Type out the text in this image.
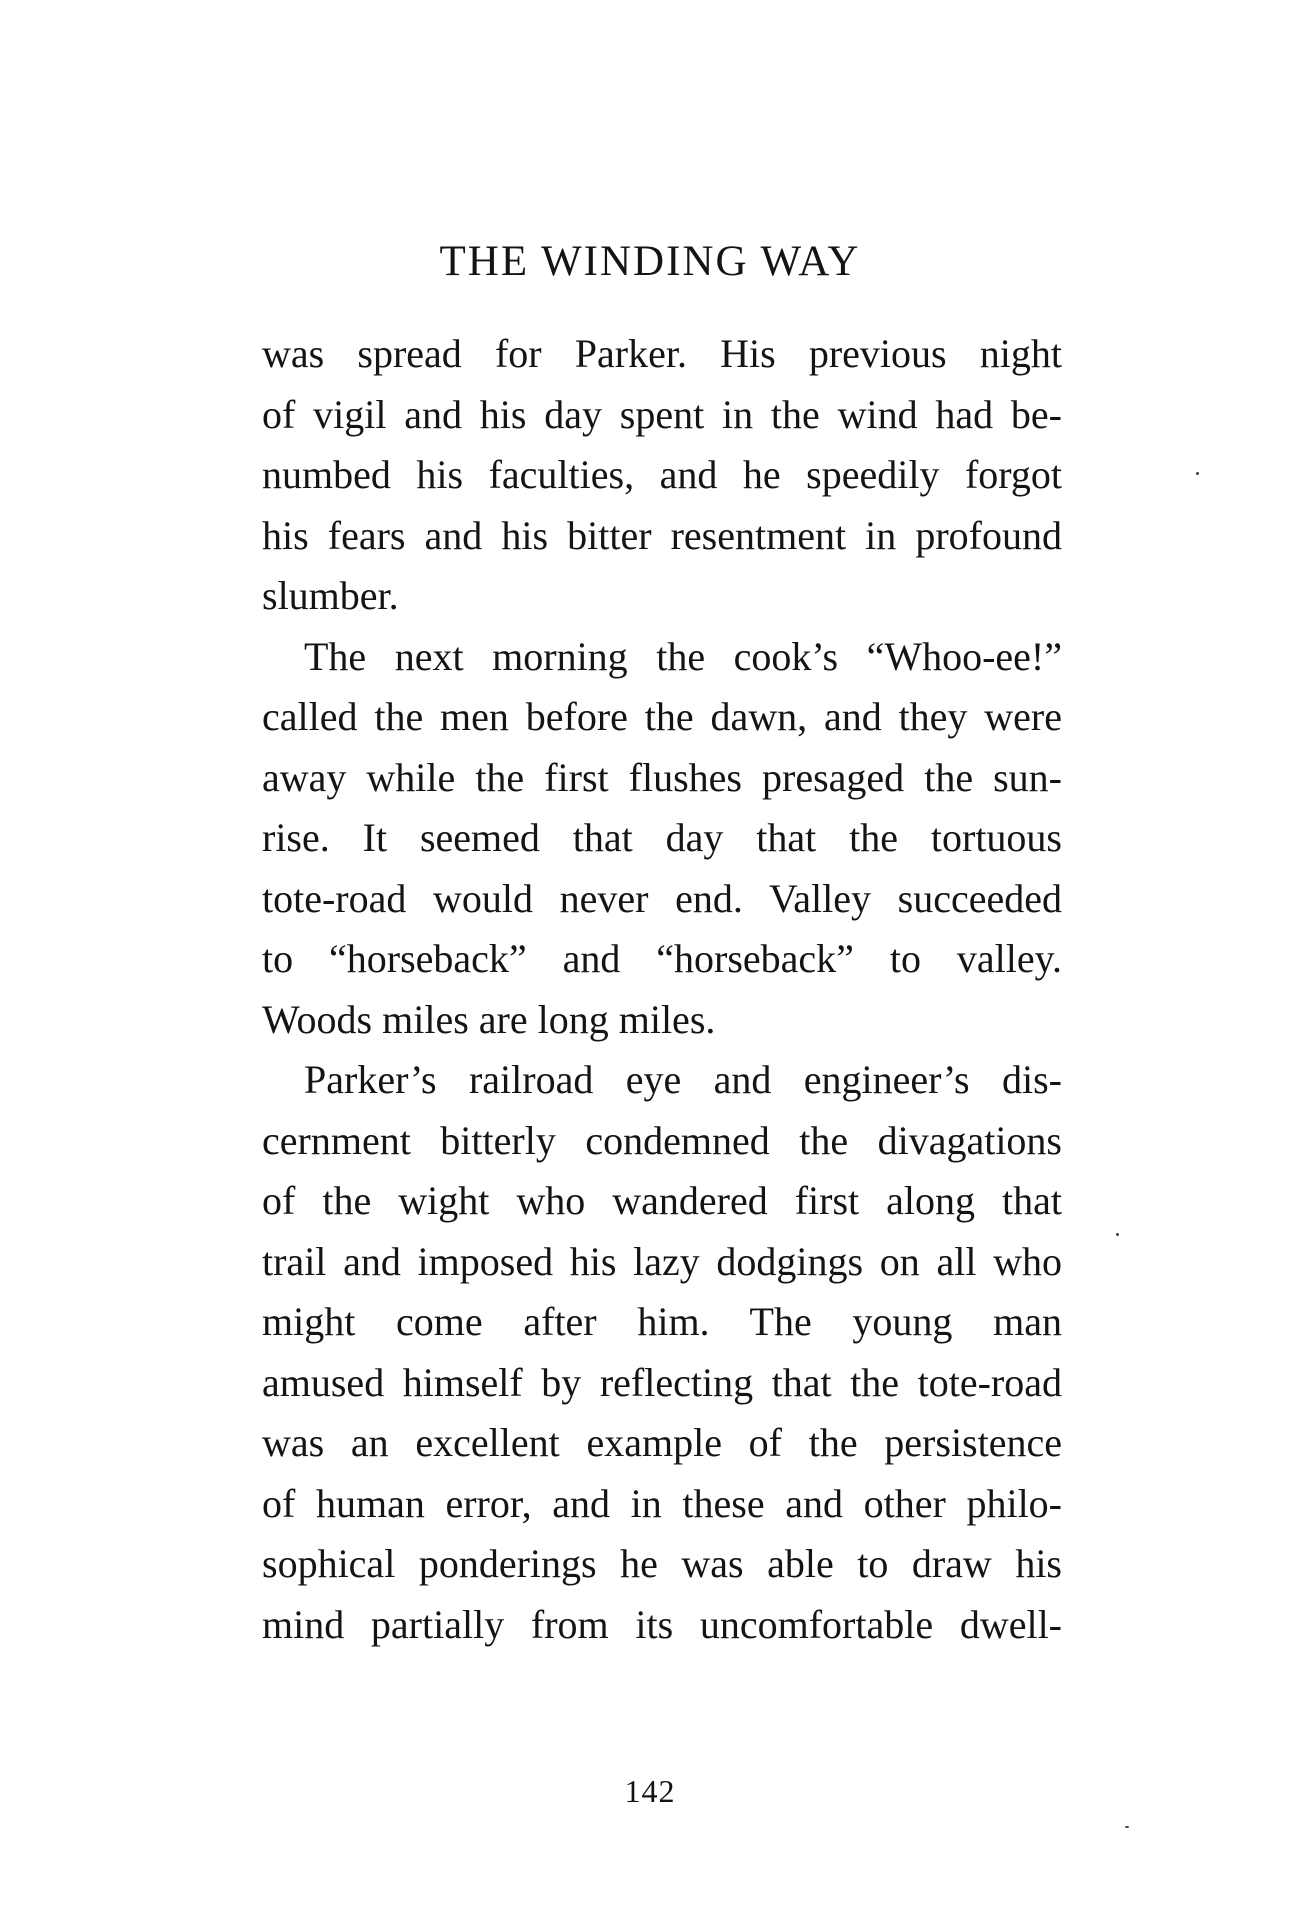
THE WINDING WAY
was spread for Parker. His previous night
of vigil and his day spent in the wind had be-
numbed his faculties, and he speedily forgot
his fears and his bitter resentment in profound
slumber.
The next morning the cook’s “Whoo-ee!”
called the men before the dawn, and they were
away while the first flushes presaged the sun-
rise. It seemed that day that the tortuous
tote-road would never end. Valley succeeded
to “horseback” and “horseback” to valley.
Woods miles are long miles.
Parker’s railroad eye and engineer’s dis-
cernment bitterly condemned the divagations
of the wight who wandered first along that
trail and imposed his lazy dodgings on all who
might come after him. The young man
amused himself by reflecting that the tote-road
was an excellent example of the persistence
of human error, and in these and other philo-
sophical ponderings he was able to draw his
mind partially from its uncomfortable dwell-
142
